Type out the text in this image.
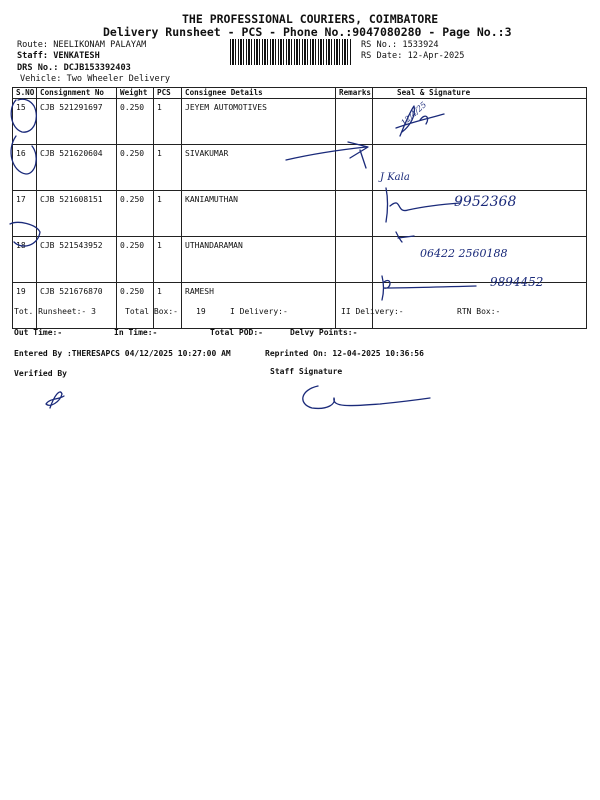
THE PROFESSIONAL COURIERS, COIMBATORE
Delivery Runsheet - PCS - Phone No.:9047080280 - Page No.:3
Route: NEELIKONAM PALAYAM
Staff: VENKATESH
DRS No.: DCJB153392403
Vehicle: Two Wheeler Delivery
RS No.: 1533924
RS Date: 12-Apr-2025
S.NO	Consignment No	Weight	PCS	Consignee Details	Remarks	Seal & Signature
15	CJB 521291697	0.250	1	JEYEM AUTOMOTIVES		
16	CJB 521620604	0.250	1	SIVAKUMAR		
17	CJB 521608151	0.250	1	KANIAMUTHAN		
18	CJB 521543952	0.250	1	UTHANDARAMAN		
19	CJB 521676870	0.250	1	RAMESH		
Tot. Runsheet:- 3	Total Box:- 19	I Delivery:-	II Delivery:-	RTN Box:-
Out Time:-	In Time:-	Total POD:-	Delvy Points:-
Entered By :THERESAPCS 04/12/2025 10:27:00 AM	Reprinted On: 12-04-2025 10:36:56
Verified By	Staff Signature
12/4/25
J Kala
9952368
06422 2560188
9894452
